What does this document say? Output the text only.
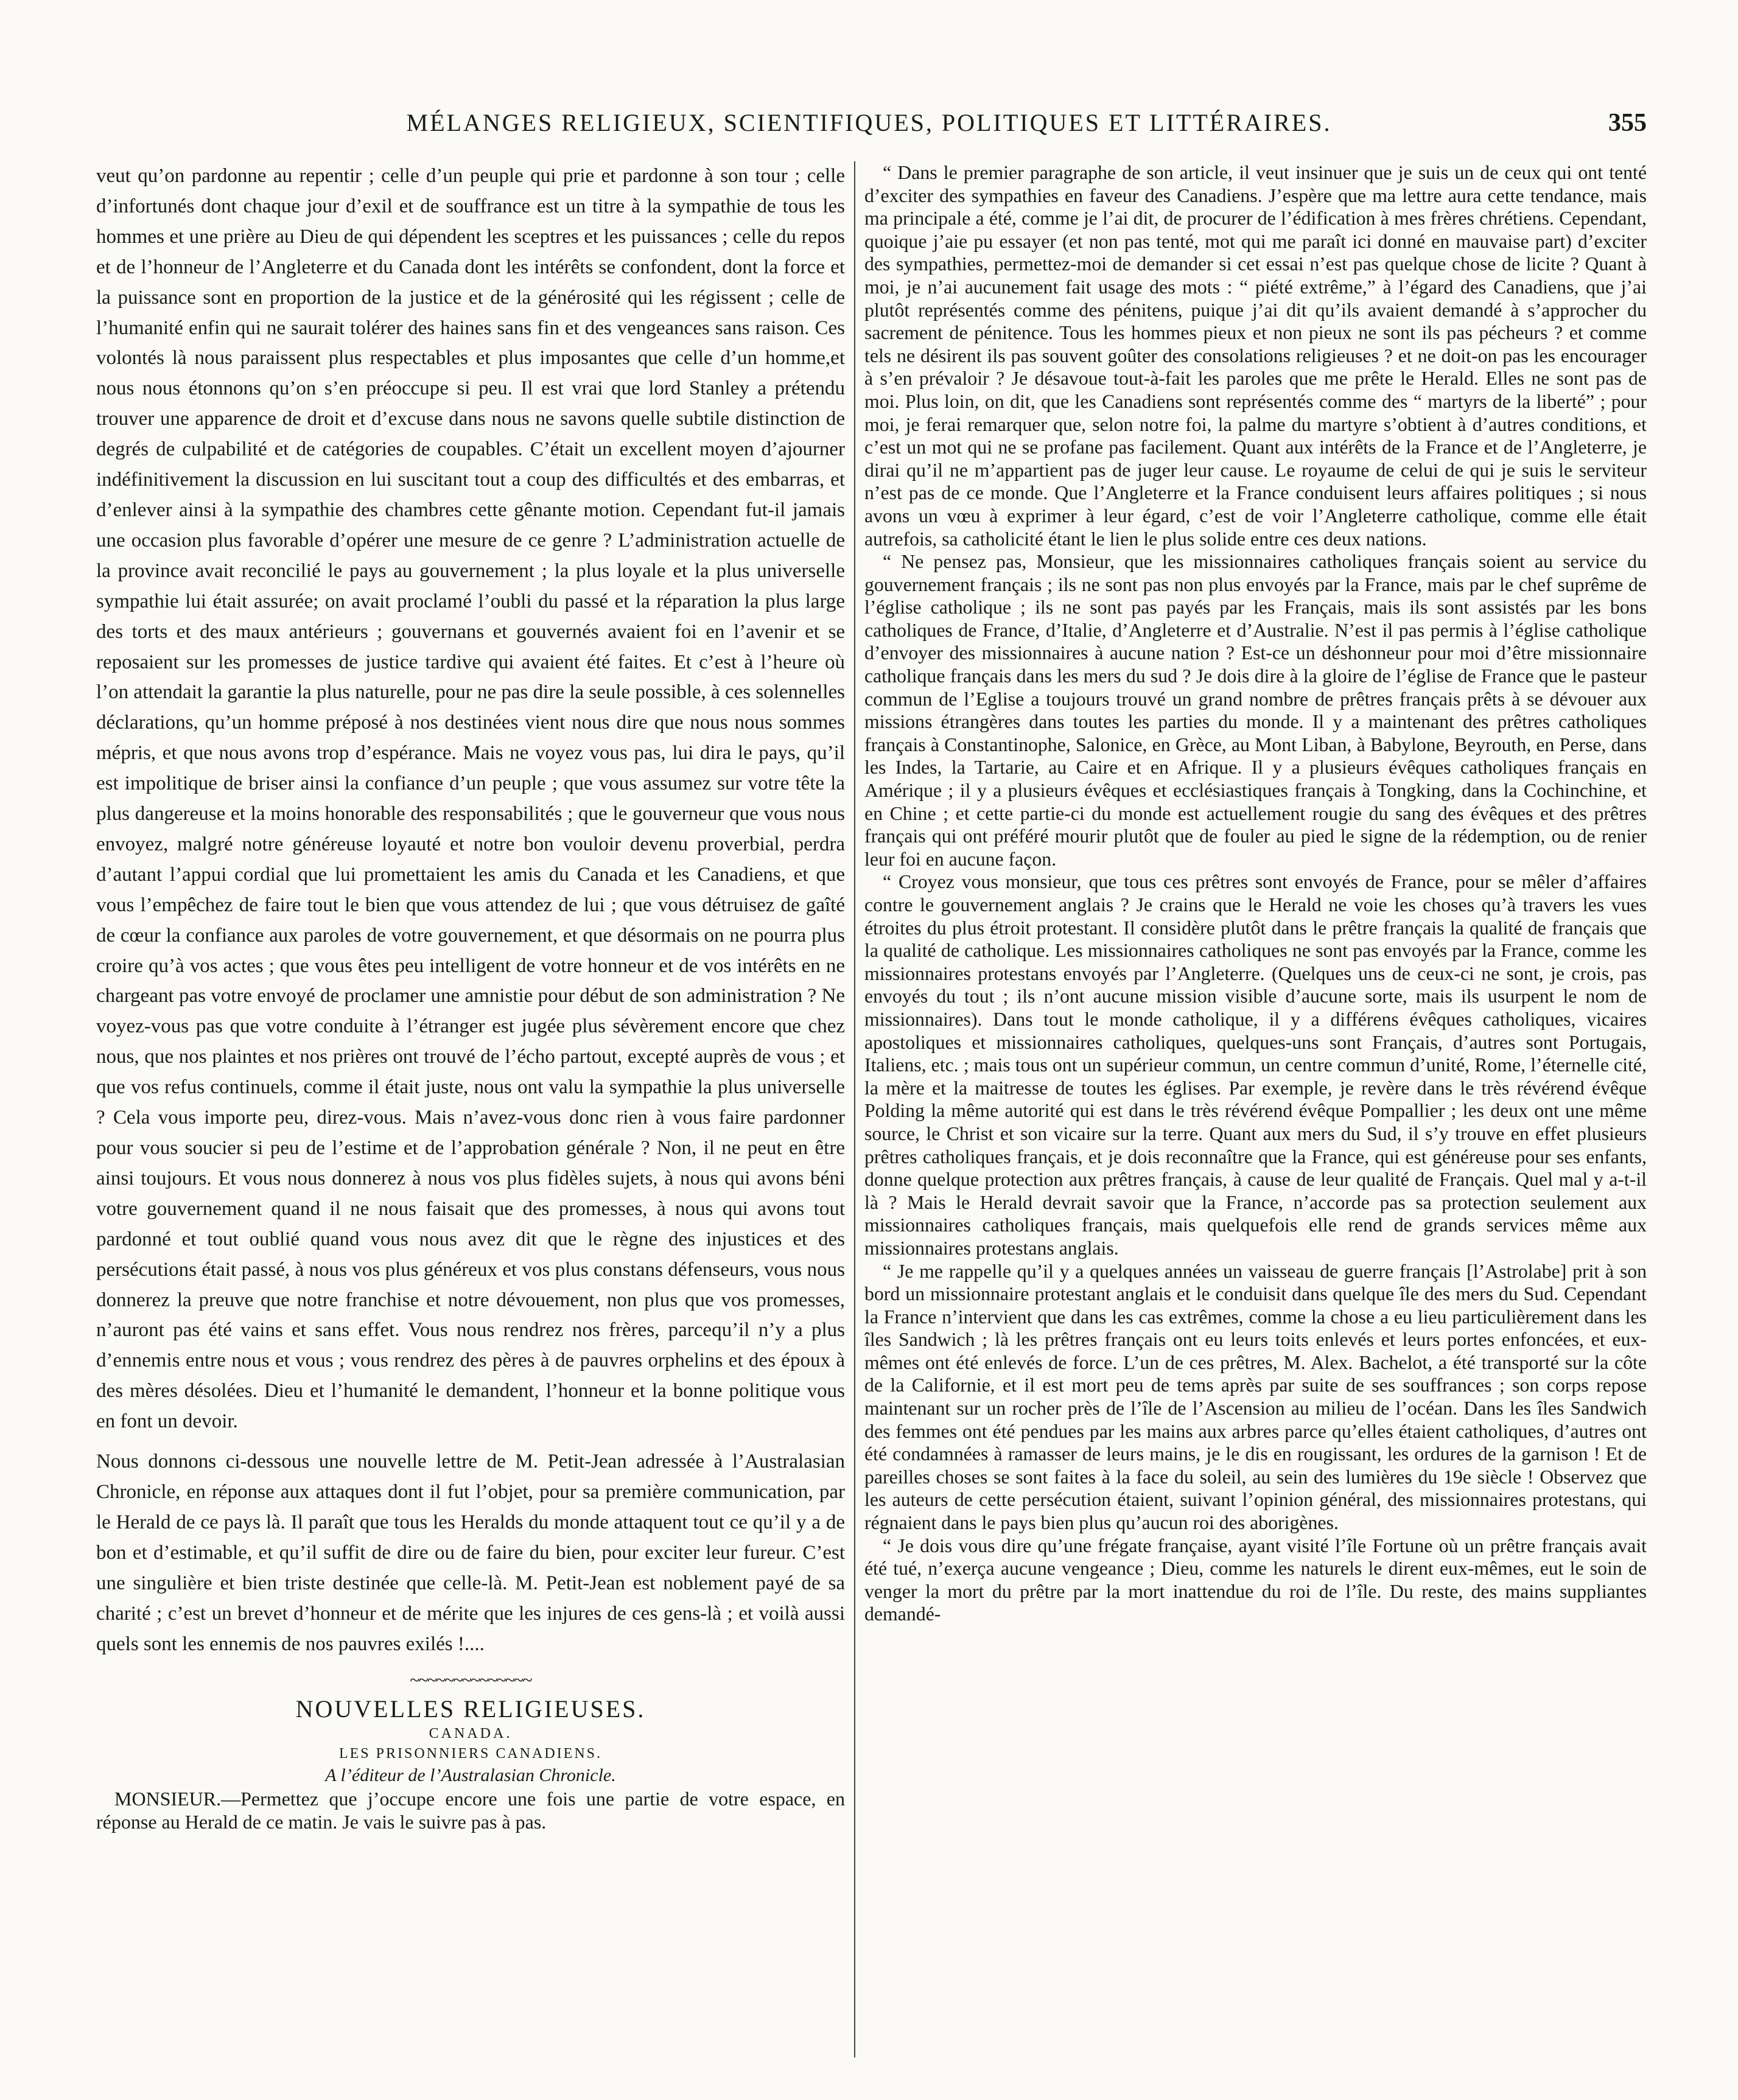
MÉLANGES RELIGIEUX, SCIENTIFIQUES, POLITIQUES ET LITTÉRAIRES.	355

veut qu’on pardonne au repentir ; celle d’un peuple qui prie et pardonne à son tour ; celle d’infortunés dont chaque jour d’exil et de souffrance est un titre à la sympathie de tous les hommes et une prière au Dieu de qui dépendent les sceptres et les puissances ; celle du repos et de l’honneur de l’Angleterre et du Canada dont les intérêts se confondent, dont la force et la puissance sont en proportion de la justice et de la générosité qui les régissent ; celle de l’humanité enfin qui ne saurait tolérer des haines sans fin et des vengeances sans raison. Ces volontés là nous paraissent plus respectables et plus imposantes que celle d’un homme,et nous nous étonnons qu’on s’en préoccupe si peu. Il est vrai que lord Stanley a prétendu trouver une apparence de droit et d’excuse dans nous ne savons quelle subtile distinction de degrés de culpabilité et de catégories de coupables. C’était un excellent moyen d’ajourner indéfinitivement la discussion en lui suscitant tout a coup des difficultés et des embarras, et d’enlever ainsi à la sympathie des chambres cette gênante motion. Cependant fut-il jamais une occasion plus favorable d’opérer une mesure de ce genre ? L’administration actuelle de la province avait reconcilié le pays au gouvernement ; la plus loyale et la plus universelle sympathie lui était assurée; on avait proclamé l’oubli du passé et la réparation la plus large des torts et des maux antérieurs ; gouvernans et gouvernés avaient foi en l’avenir et se reposaient sur les promesses de justice tardive qui avaient été faites. Et c’est à l’heure où l’on attendait la garantie la plus naturelle, pour ne pas dire la seule possible, à ces solennelles déclarations, qu’un homme préposé à nos destinées vient nous dire que nous nous sommes mépris, et que nous avons trop d’espérance. Mais ne voyez vous pas, lui dira le pays, qu’il est impolitique de briser ainsi la confiance d’un peuple ; que vous assumez sur votre tête la plus dangereuse et la moins honorable des responsabilités ; que le gouverneur que vous nous envoyez, malgré notre généreuse loyauté et notre bon vouloir devenu proverbial, perdra d’autant l’appui cordial que lui promettaient les amis du Canada et les Canadiens, et que vous l’empêchez de faire tout le bien que vous attendez de lui ; que vous détruisez de gaîté de cœur la confiance aux paroles de votre gouvernement, et que désormais on ne pourra plus croire qu’à vos actes ; que vous êtes peu intelligent de votre honneur et de vos intérêts en ne chargeant pas votre envoyé de proclamer une amnistie pour début de son administration ? Ne voyez-vous pas que votre conduite à l’étranger est jugée plus sévèrement encore que chez nous, que nos plaintes et nos prières ont trouvé de l’écho partout, excepté auprès de vous ; et que vos refus continuels, comme il était juste, nous ont valu la sympathie la plus universelle ? Cela vous importe peu, direz-vous. Mais n’avez-vous donc rien à vous faire pardonner pour vous soucier si peu de l’estime et de l’approbation générale ? Non, il ne peut en être ainsi toujours. Et vous nous donnerez à nous vos plus fidèles sujets, à nous qui avons béni votre gouvernement quand il ne nous faisait que des promesses, à nous qui avons tout pardonné et tout oublié quand vous nous avez dit que le règne des injustices et des persécutions était passé, à nous vos plus généreux et vos plus constans défenseurs, vous nous donnerez la preuve que notre franchise et notre dévouement, non plus que vos promesses, n’auront pas été vains et sans effet. Vous nous rendrez nos frères, parcequ’il n’y a plus d’ennemis entre nous et vous ; vous rendrez des pères à de pauvres orphelins et des époux à des mères désolées. Dieu et l’humanité le demandent, l’honneur et la bonne politique vous en font un devoir.

Nous donnons ci-dessous une nouvelle lettre de M. Petit-Jean adressée à l’Australasian Chronicle, en réponse aux attaques dont il fut l’objet, pour sa première communication, par le Herald de ce pays là. Il paraît que tous les Heralds du monde attaquent tout ce qu’il y a de bon et d’estimable, et qu’il suffit de dire ou de faire du bien, pour exciter leur fureur. C’est une singulière et bien triste destinée que celle-là. M. Petit-Jean est noblement payé de sa charité ; c’est un brevet d’honneur et de mérite que les injures de ces gens-là ; et voilà aussi quels sont les ennemis de nos pauvres exilés !....

~~~~~~~~~~~~~~
NOUVELLES RELIGIEUSES.
CANADA.
LES PRISONNIERS CANADIENS.
A l’éditeur de l’Australasian Chronicle.

MONSIEUR.—Permettez que j’occupe encore une fois une partie de votre espace, en réponse au Herald de ce matin. Je vais le suivre pas à pas.

“ Dans le premier paragraphe de son article, il veut insinuer que je suis un de ceux qui ont tenté d’exciter des sympathies en faveur des Canadiens. J’espère que ma lettre aura cette tendance, mais ma principale a été, comme je l’ai dit, de procurer de l’édification à mes frères chrétiens. Cependant, quoique j’aie pu essayer (et non pas tenté, mot qui me paraît ici donné en mauvaise part) d’exciter des sympathies, permettez-moi de demander si cet essai n’est pas quelque chose de licite ? Quant à moi, je n’ai aucunement fait usage des mots : “ piété extrême,” à l’égard des Canadiens, que j’ai plutôt représentés comme des pénitens, puique j’ai dit qu’ils avaient demandé à s’approcher du sacrement de pénitence. Tous les hommes pieux et non pieux ne sont ils pas pécheurs ? et comme tels ne désirent ils pas souvent goûter des consolations religieuses ? et ne doit-on pas les encourager à s’en prévaloir ? Je désavoue tout-à-fait les paroles que me prête le Herald. Elles ne sont pas de moi. Plus loin, on dit, que les Canadiens sont représentés comme des “ martyrs de la liberté” ; pour moi, je ferai remarquer que, selon notre foi, la palme du martyre s’obtient à d’autres conditions, et c’est un mot qui ne se profane pas facilement. Quant aux intérêts de la France et de l’Angleterre, je dirai qu’il ne m’appartient pas de juger leur cause. Le royaume de celui de qui je suis le serviteur n’est pas de ce monde. Que l’Angleterre et la France conduisent leurs affaires politiques ; si nous avons un vœu à exprimer à leur égard, c’est de voir l’Angleterre catholique, comme elle était autrefois, sa catholicité étant le lien le plus solide entre ces deux nations.

“ Ne pensez pas, Monsieur, que les missionnaires catholiques français soient au service du gouvernement français ; ils ne sont pas non plus envoyés par la France, mais par le chef suprême de l’église catholique ; ils ne sont pas payés par les Français, mais ils sont assistés par les bons catholiques de France, d’Italie, d’Angleterre et d’Australie. N’est il pas permis à l’église catholique d’envoyer des missionnaires à aucune nation ? Est-ce un déshonneur pour moi d’être missionnaire catholique français dans les mers du sud ? Je dois dire à la gloire de l’église de France que le pasteur commun de l’Eglise a toujours trouvé un grand nombre de prêtres français prêts à se dévouer aux missions étrangères dans toutes les parties du monde. Il y a maintenant des prêtres catholiques français à Constantinophe, Salonice, en Grèce, au Mont Liban, à Babylone, Beyrouth, en Perse, dans les Indes, la Tartarie, au Caire et en Afrique. Il y a plusieurs évêques catholiques français en Amérique ; il y a plusieurs évêques et ecclésiastiques français à Tongking, dans la Cochinchine, et en Chine ; et cette partie-ci du monde est actuellement rougie du sang des évêques et des prêtres français qui ont préféré mourir plutôt que de fouler au pied le signe de la rédemption, ou de renier leur foi en aucune façon.

“ Croyez vous monsieur, que tous ces prêtres sont envoyés de France, pour se mêler d’affaires contre le gouvernement anglais ? Je crains que le Herald ne voie les choses qu’à travers les vues étroites du plus étroit protestant. Il considère plutôt dans le prêtre français la qualité de français que la qualité de catholique. Les missionnaires catholiques ne sont pas envoyés par la France, comme les missionnaires protestans envoyés par l’Angleterre. (Quelques uns de ceux-ci ne sont, je crois, pas envoyés du tout ; ils n’ont aucune mission visible d’aucune sorte, mais ils usurpent le nom de missionnaires). Dans tout le monde catholique, il y a différens évêques catholiques, vicaires apostoliques et missionnaires catholiques, quelques-uns sont Français, d’autres sont Portugais, Italiens, etc. ; mais tous ont un supérieur commun, un centre commun d’unité, Rome, l’éternelle cité, la mère et la maitresse de toutes les églises. Par exemple, je revère dans le très révérend évêque Polding la même autorité qui est dans le très révérend évêque Pompallier ; les deux ont une même source, le Christ et son vicaire sur la terre. Quant aux mers du Sud, il s’y trouve en effet plusieurs prêtres catholiques français, et je dois reconnaître que la France, qui est généreuse pour ses enfants, donne quelque protection aux prêtres français, à cause de leur qualité de Français. Quel mal y a-t-il là ? Mais le Herald devrait savoir que la France, n’accorde pas sa protection seulement aux missionnaires catholiques français, mais quelquefois elle rend de grands services même aux missionnaires protestans anglais.

“ Je me rappelle qu’il y a quelques années un vaisseau de guerre français [l’Astrolabe] prit à son bord un missionnaire protestant anglais et le conduisit dans quelque île des mers du Sud. Cependant la France n’intervient que dans les cas extrêmes, comme la chose a eu lieu particulièrement dans les îles Sandwich ; là les prêtres français ont eu leurs toits enlevés et leurs portes enfoncées, et eux-mêmes ont été enlevés de force. L’un de ces prêtres, M. Alex. Bachelot, a été transporté sur la côte de la Californie, et il est mort peu de tems après par suite de ses souffrances ; son corps repose maintenant sur un rocher près de l’île de l’Ascension au milieu de l’océan. Dans les îles Sandwich des femmes ont été pendues par les mains aux arbres parce qu’elles étaient catholiques, d’autres ont été condamnées à ramasser de leurs mains, je le dis en rougissant, les ordures de la garnison ! Et de pareilles choses se sont faites à la face du soleil, au sein des lumières du 19e siècle ! Observez que les auteurs de cette persécution étaient, suivant l’opinion général, des missionnaires protestans, qui régnaient dans le pays bien plus qu’aucun roi des aborigènes.

“ Je dois vous dire qu’une frégate française, ayant visité l’île Fortune où un prêtre français avait été tué, n’exerça aucune vengeance ; Dieu, comme les naturels le dirent eux-mêmes, eut le soin de venger la mort du prêtre par la mort inattendue du roi de l’île. Du reste, des mains suppliantes demandé-
